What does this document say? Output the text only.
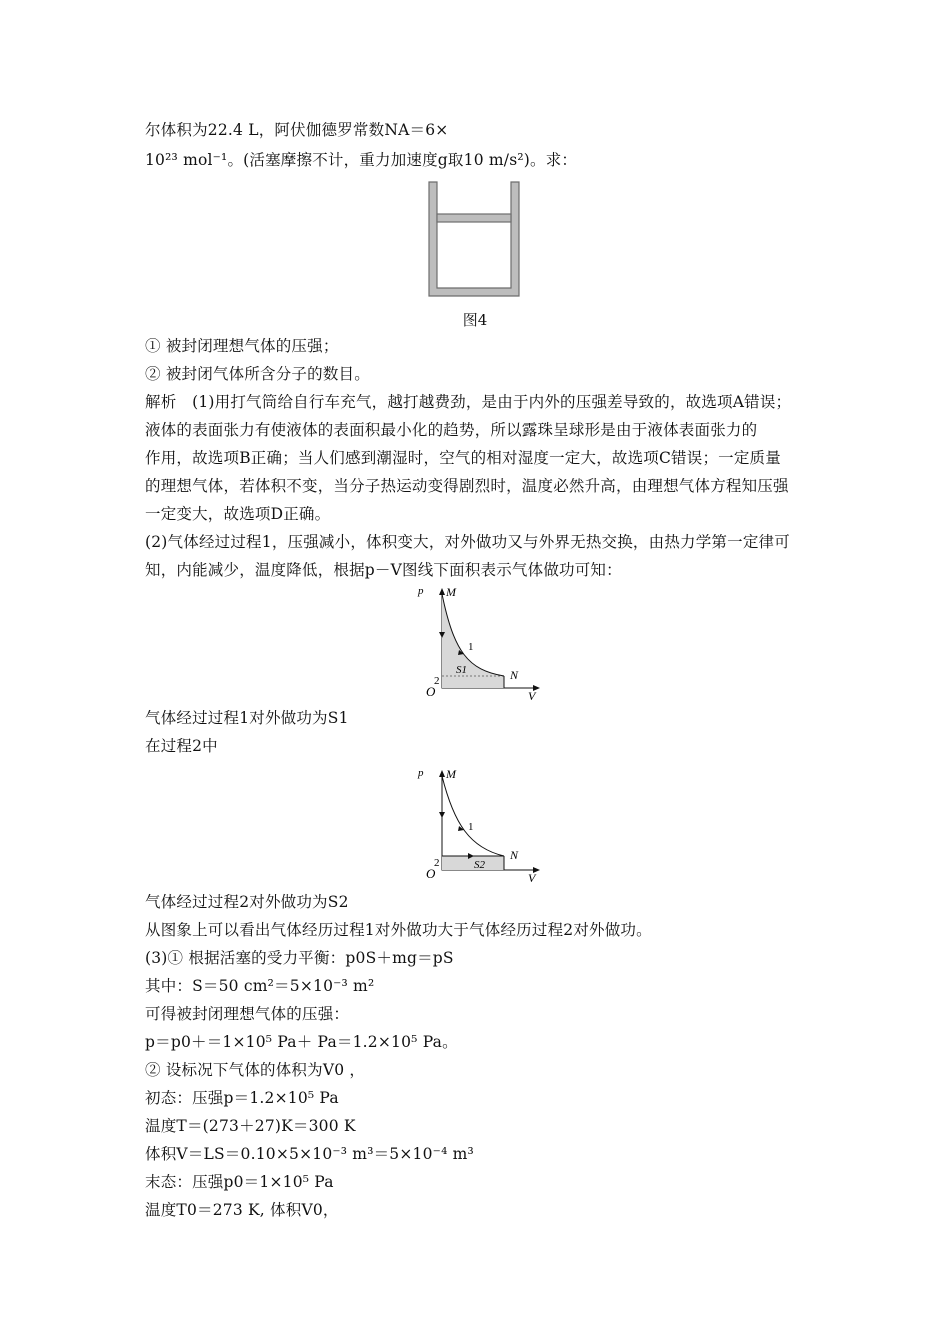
尔体积为22.4 L，阿伏伽德罗常数NA＝6×
10²³ mol⁻¹。(活塞摩擦不计，重力加速度g取10 m/s²)。求：
图4
① 被封闭理想气体的压强；
② 被封闭气体所含分子的数目。
解析　(1)用打气筒给自行车充气，越打越费劲，是由于内外的压强差导致的，故选项A错误；
液体的表面张力有使液体的表面积最小化的趋势，所以露珠呈球形是由于液体表面张力的
作用，故选项B正确；当人们感到潮湿时，空气的相对湿度一定大，故选项C错误；一定质量
的理想气体，若体积不变，当分子热运动变得剧烈时，温度必然升高，由理想气体方程知压强
一定变大，故选项D正确。
(2)气体经过过程1，压强减小，体积变大，对外做功又与外界无热交换，由热力学第一定律可
知，内能减少，温度降低，根据p－V图线下面积表示气体做功可知：
p
V
O
M
N
1
2
S1
气体经过过程1对外做功为S1
在过程2中
p
V
O
M
N
1
2	S2
气体经过过程2对外做功为S2
从图象上可以看出气体经历过程1对外做功大于气体经历过程2对外做功。
(3)① 根据活塞的受力平衡：p0S＋mg＝pS
其中：S＝50 cm²＝5×10⁻³ m²
可得被封闭理想气体的压强：
p＝p0＋＝1×10⁵ Pa＋ Pa＝1.2×10⁵ Pa。
② 设标况下气体的体积为V0 ，
初态：压强p＝1.2×10⁵ Pa
温度T＝(273＋27)K＝300 K
体积V＝LS＝0.10×5×10⁻³ m³＝5×10⁻⁴ m³
末态：压强p0＝1×10⁵ Pa
温度T0＝273 K, 体积V0，
